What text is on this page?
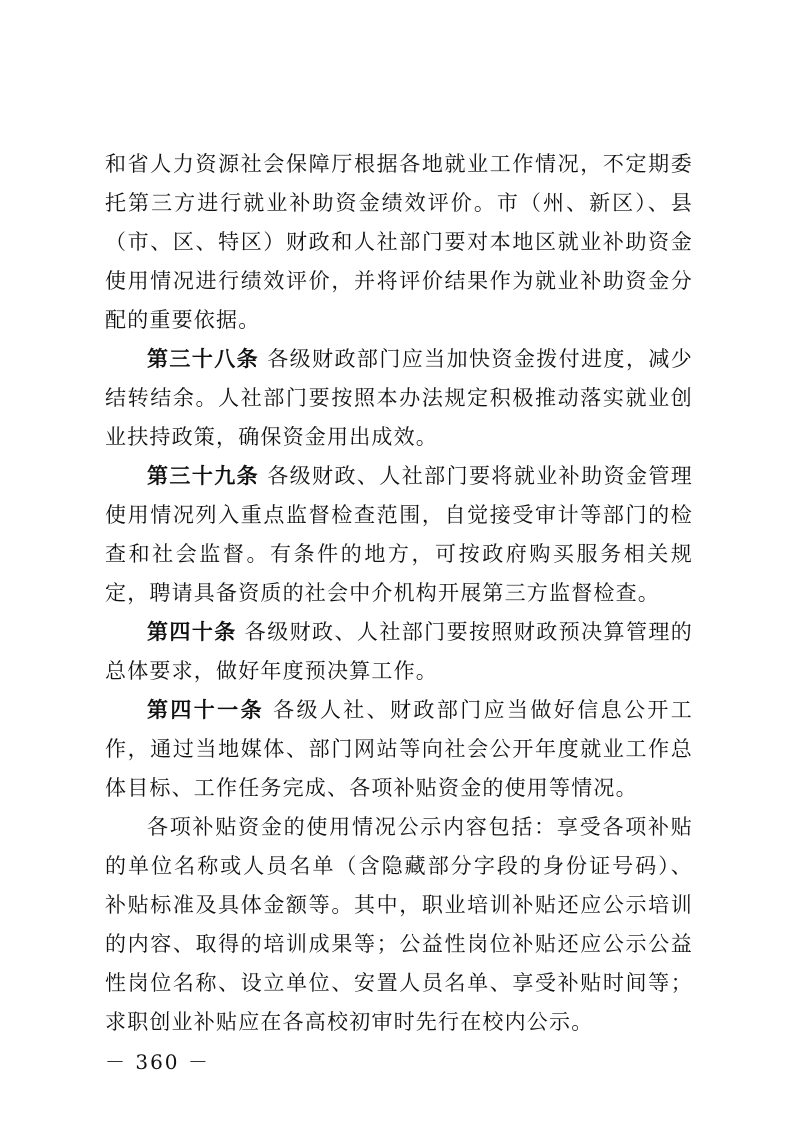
和省人力资源社会保障厅根据各地就业工作情况，不定期委托第三方进行就业补助资金绩效评价。市（州、新区）、县（市、区、特区）财政和人社部门要对本地区就业补助资金使用情况进行绩效评价，并将评价结果作为就业补助资金分配的重要依据。

第三十八条 各级财政部门应当加快资金拨付进度，减少结转结余。人社部门要按照本办法规定积极推动落实就业创业扶持政策，确保资金用出成效。

第三十九条 各级财政、人社部门要将就业补助资金管理使用情况列入重点监督检查范围，自觉接受审计等部门的检查和社会监督。有条件的地方，可按政府购买服务相关规定，聘请具备资质的社会中介机构开展第三方监督检查。

第四十条 各级财政、人社部门要按照财政预决算管理的总体要求，做好年度预决算工作。

第四十一条 各级人社、财政部门应当做好信息公开工作，通过当地媒体、部门网站等向社会公开年度就业工作总体目标、工作任务完成、各项补贴资金的使用等情况。

各项补贴资金的使用情况公示内容包括：享受各项补贴的单位名称或人员名单（含隐藏部分字段的身份证号码）、补贴标准及具体金额等。其中，职业培训补贴还应公示培训的内容、取得的培训成果等；公益性岗位补贴还应公示公益性岗位名称、设立单位、安置人员名单、享受补贴时间等；求职创业补贴应在各高校初审时先行在校内公示。

－ 360 －
